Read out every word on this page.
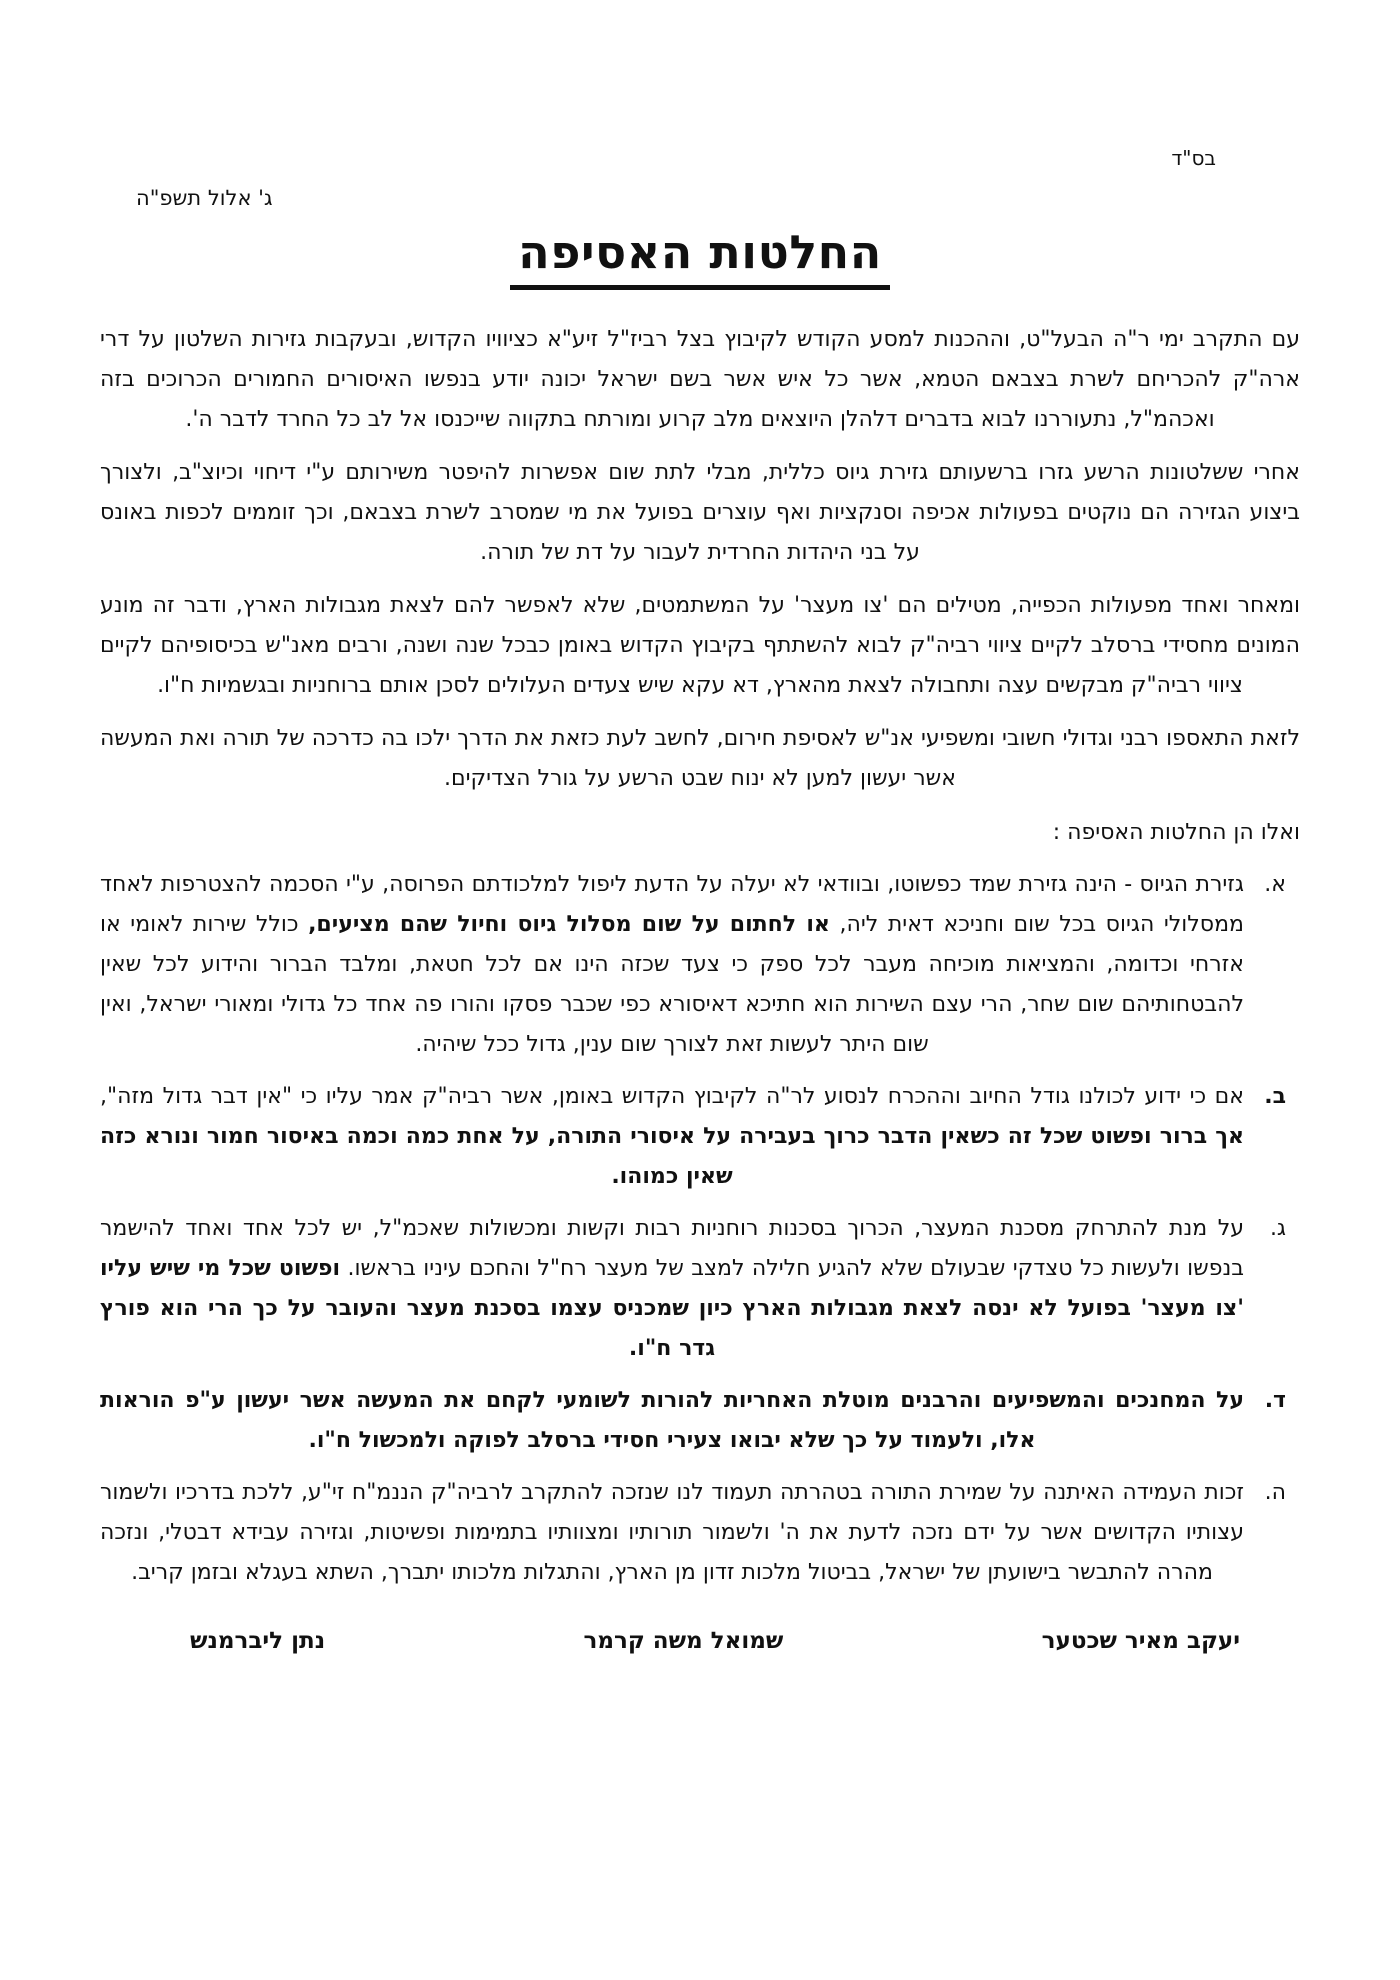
בס"ד
ג' אלול תשפ"ה
החלטות האסיפה

עם התקרב ימי ר"ה הבעל"ט, וההכנות למסע הקודש לקיבוץ בצל רביז"ל זיע"א כציוויו הקדוש, ובעקבות גזירות השלטון על דרי ארה"ק להכריחם לשרת בצבאם הטמא, אשר כל איש אשר בשם ישראל יכונה יודע בנפשו האיסורים החמורים הכרוכים בזה ואכהמ"ל, נתעוררנו לבוא בדברים דלהלן היוצאים מלב קרוע ומורתח בתקווה שייכנסו אל לב כל החרד לדבר ה'.

אחרי ששלטונות הרשע גזרו ברשעותם גזירת גיוס כללית, מבלי לתת שום אפשרות להיפטר משירותם ע"י דיחוי וכיוצ"ב, ולצורך ביצוע הגזירה הם נוקטים בפעולות אכיפה וסנקציות ואף עוצרים בפועל את מי שמסרב לשרת בצבאם, וכך זוממים לכפות באונס על בני היהדות החרדית לעבור על דת של תורה.

ומאחר ואחד מפעולות הכפייה, מטילים הם 'צו מעצר' על המשתמטים, שלא לאפשר להם לצאת מגבולות הארץ, ודבר זה מונע המונים מחסידי ברסלב לקיים ציווי רביה"ק לבוא להשתתף בקיבוץ הקדוש באומן כבכל שנה ושנה, ורבים מאנ"ש בכיסופיהם לקיים ציווי רביה"ק מבקשים עצה ותחבולה לצאת מהארץ, דא עקא שיש צעדים העלולים לסכן אותם ברוחניות ובגשמיות ח"ו.

לזאת התאספו רבני וגדולי חשובי ומשפיעי אנ"ש לאסיפת חירום, לחשב לעת כזאת את הדרך ילכו בה כדרכה של תורה ואת המעשה אשר יעשון למען לא ינוח שבט הרשע על גורל הצדיקים.

ואלו הן החלטות האסיפה :

א.
גזירת הגיוס - הינה גזירת שמד כפשוטו, ובוודאי לא יעלה על הדעת ליפול למלכודתם הפרוסה, ע"י הסכמה להצטרפות לאחד ממסלולי הגיוס בכל שום וחניכא דאית ליה, או לחתום על שום מסלול גיוס וחיול שהם מציעים, כולל שירות לאומי או אזרחי וכדומה, והמציאות מוכיחה מעבר לכל ספק כי צעד שכזה הינו אם לכל חטאת, ומלבד הברור והידוע לכל שאין להבטחותיהם שום שחר, הרי עצם השירות הוא חתיכא דאיסורא כפי שכבר פסקו והורו פה אחד כל גדולי ומאורי ישראל, ואין שום היתר לעשות זאת לצורך שום ענין, גדול ככל שיהיה.
ב.
אם כי ידוע לכולנו גודל החיוב וההכרח לנסוע לר"ה לקיבוץ הקדוש באומן, אשר רביה"ק אמר עליו כי "אין דבר גדול מזה", אך ברור ופשוט שכל זה כשאין הדבר כרוך בעבירה על איסורי התורה, על אחת כמה וכמה באיסור חמור ונורא כזה שאין כמוהו.
ג.
על מנת להתרחק מסכנת המעצר, הכרוך בסכנות רוחניות רבות וקשות ומכשולות שאכמ"ל, יש לכל אחד ואחד להישמר בנפשו ולעשות כל טצדקי שבעולם שלא להגיע חלילה למצב של מעצר רח"ל והחכם עיניו בראשו. ופשוט שכל מי שיש עליו 'צו מעצר' בפועל לא ינסה לצאת מגבולות הארץ כיון שמכניס עצמו בסכנת מעצר והעובר על כך הרי הוא פורץ גדר ח"ו.
ד.
על המחנכים והמשפיעים והרבנים מוטלת האחריות להורות לשומעי לקחם את המעשה אשר יעשון ע"פ הוראות אלו, ולעמוד על כך שלא יבואו צעירי חסידי ברסלב לפוקה ולמכשול ח"ו.
ה.
זכות העמידה האיתנה על שמירת התורה בטהרתה תעמוד לנו שנזכה להתקרב לרביה"ק הננמ"ח זי"ע, ללכת בדרכיו ולשמור עצותיו הקדושים אשר על ידם נזכה לדעת את ה' ולשמור תורותיו ומצוותיו בתמימות ופשיטות, וגזירה עבידא דבטלי, ונזכה מהרה להתבשר בישועתן של ישראל, בביטול מלכות זדון מן הארץ, והתגלות מלכותו יתברך, השתא בעגלא ובזמן קריב.
יעקב מאיר שכטער
שמואל משה קרמר
נתן ליברמנש
